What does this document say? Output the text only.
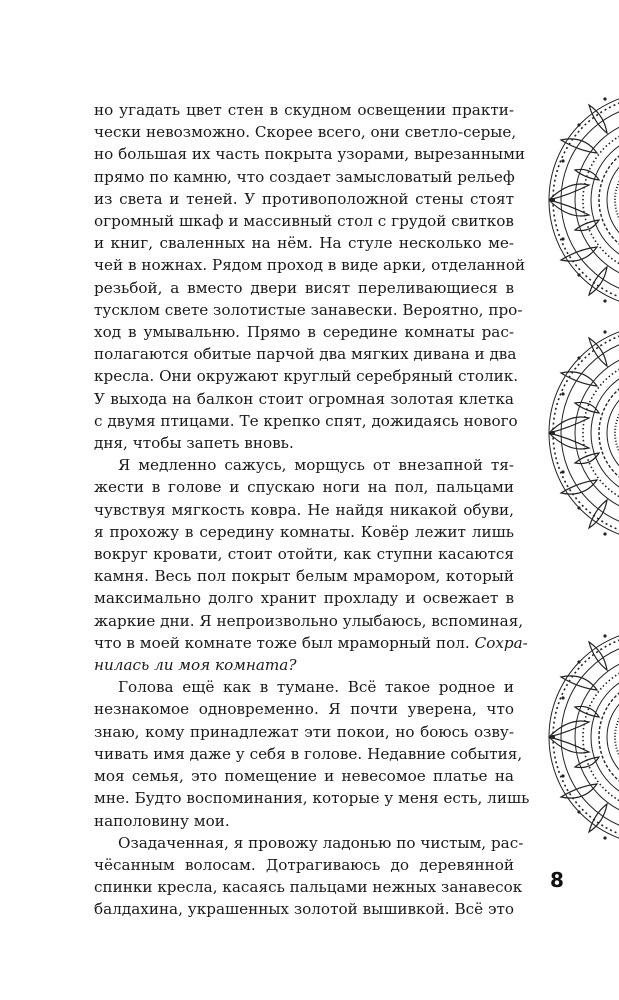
но угадать цвет стен в скудном освещении практи-
чески невозможно. Скорее всего, они светло-серые,
но большая их часть покрыта узорами, вырезанными
прямо по камню, что создает замысловатый рельеф
из света и теней. У противоположной стены стоят
огромный шкаф и массивный стол с грудой свитков
и книг, сваленных на нём. На стуле несколько ме-
чей в ножнах. Рядом проход в виде арки, отделанной
резьбой, а вместо двери висят переливающиеся в
тусклом свете золотистые занавески. Вероятно, про-
ход в умывальню. Прямо в середине комнаты рас-
полагаются обитые парчой два мягких дивана и два
кресла. Они окружают круглый серебряный столик.
У выхода на балкон стоит огромная золотая клетка
с двумя птицами. Те крепко спят, дожидаясь нового
дня, чтобы запеть вновь.

Я медленно сажусь, морщусь от внезапной тя-
жести в голове и спускаю ноги на пол, пальцами
чувствуя мягкость ковра. Не найдя никакой обуви,
я прохожу в середину комнаты. Ковёр лежит лишь
вокруг кровати, стоит отойти, как ступни касаются
камня. Весь пол покрыт белым мрамором, который
максимально долго хранит прохладу и освежает в
жаркие дни. Я непроизвольно улыбаюсь, вспоминая,
что в моей комнате тоже был мраморный пол. Сохра-
нилась ли моя комната?

Голова ещё как в тумане. Всё такое родное и
незнакомое одновременно. Я почти уверена, что
знаю, кому принадлежат эти покои, но боюсь озву-
чивать имя даже у себя в голове. Недавние события,
моя семья, это помещение и невесомое платье на
мне. Будто воспоминания, которые у меня есть, лишь
наполовину мои.

Озадаченная, я провожу ладонью по чистым, рас-
чёсанным волосам. Дотрагиваюсь до деревянной
спинки кресла, касаясь пальцами нежных занавесок
балдахина, украшенных золотой вышивкой. Всё это

8
